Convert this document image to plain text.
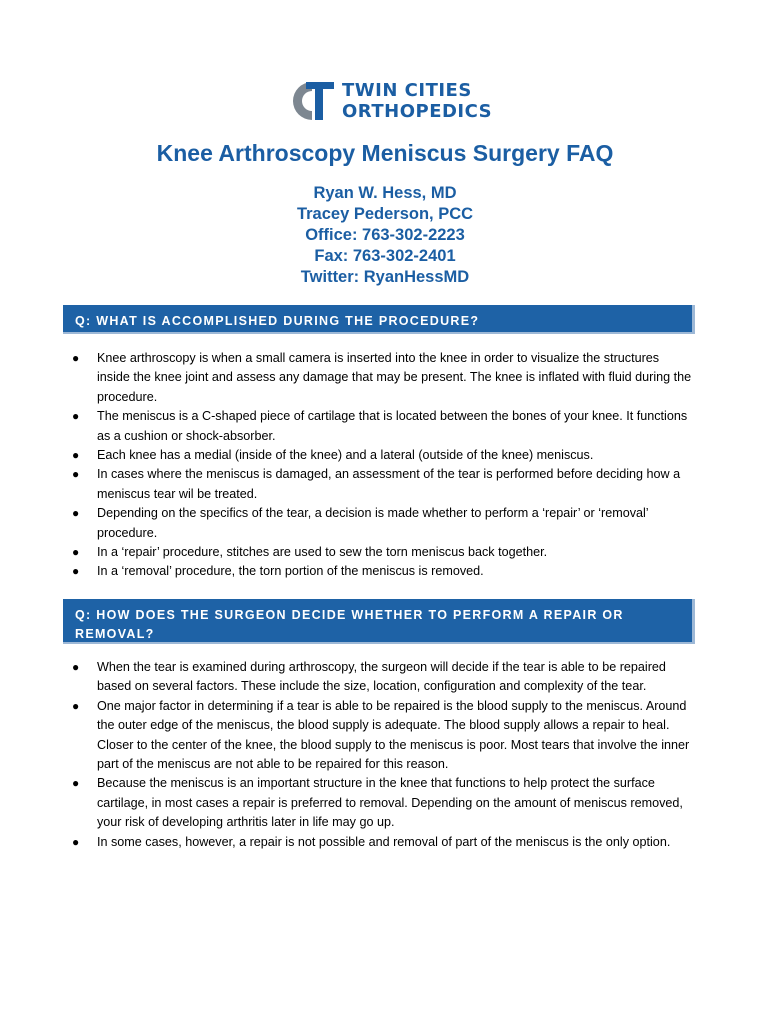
TWIN CITIES
ORTHOPEDICS
Knee Arthroscopy Meniscus Surgery FAQ
Ryan W. Hess, MD
Tracey Pederson, PCC
Office: 763-302-2223
Fax: 763-302-2401
Twitter: RyanHessMD
Q: WHAT IS ACCOMPLISHED DURING THE PROCEDURE?
● Knee arthroscopy is when a small camera is inserted into the knee in order to visualize the structures inside the knee joint and assess any damage that may be present. The knee is inflated with fluid during the procedure.
● The meniscus is a C-shaped piece of cartilage that is located between the bones of your knee. It functions as a cushion or shock-absorber.
● Each knee has a medial (inside of the knee) and a lateral (outside of the knee) meniscus.
● In cases where the meniscus is damaged, an assessment of the tear is performed before deciding how a meniscus tear wil be treated.
● Depending on the specifics of the tear, a decision is made whether to perform a ‘repair’ or ‘removal’ procedure.
● In a ‘repair’ procedure, stitches are used to sew the torn meniscus back together.
● In a ‘removal’ procedure, the torn portion of the meniscus is removed.
Q: HOW DOES THE SURGEON DECIDE WHETHER TO PERFORM A REPAIR OR REMOVAL?
● When the tear is examined during arthroscopy, the surgeon will decide if the tear is able to be repaired based on several factors. These include the size, location, configuration and complexity of the tear.
● One major factor in determining if a tear is able to be repaired is the blood supply to the meniscus. Around the outer edge of the meniscus, the blood supply is adequate. The blood supply allows a repair to heal. Closer to the center of the knee, the blood supply to the meniscus is poor. Most tears that involve the inner part of the meniscus are not able to be repaired for this reason.
● Because the meniscus is an important structure in the knee that functions to help protect the surface cartilage, in most cases a repair is preferred to removal. Depending on the amount of meniscus removed, your risk of developing arthritis later in life may go up.
● In some cases, however, a repair is not possible and removal of part of the meniscus is the only option.
